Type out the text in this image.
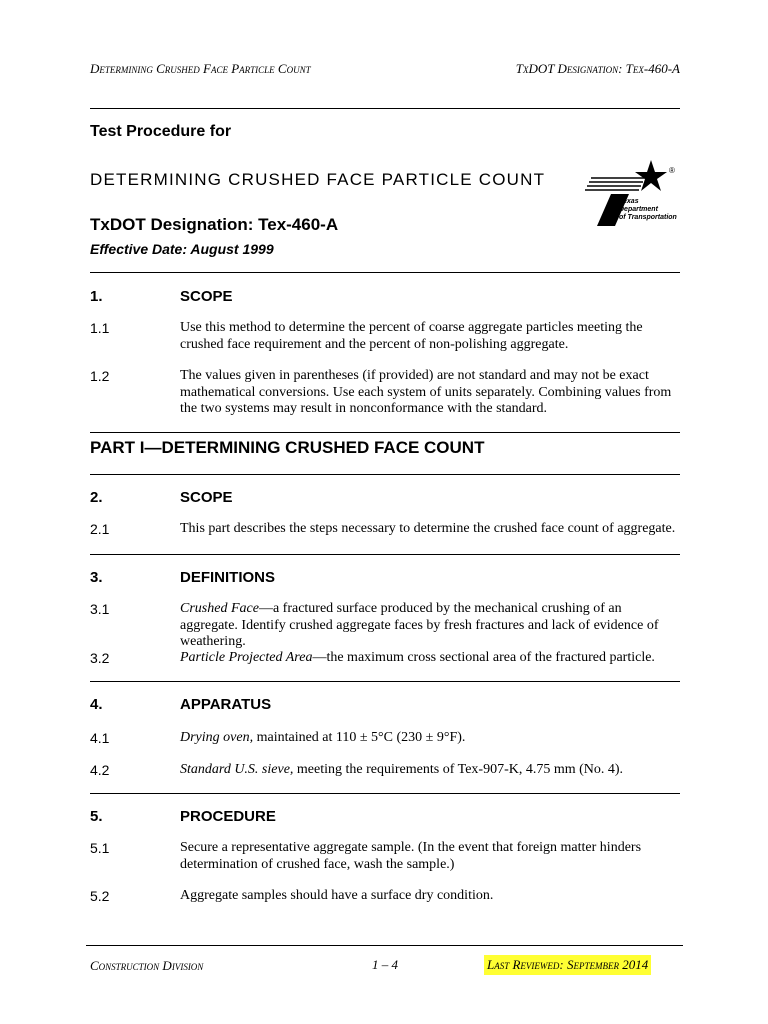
Determining Crushed Face Particle Count	TxDOT Designation: Tex-460-A
Test Procedure for
DETERMINING CRUSHED FACE PARTICLE COUNT
TxDOT Designation: Tex-460-A
Effective Date: August 1999
®
Texas
Department
of Transportation
1.	SCOPE
1.1	Use this method to determine the percent of coarse aggregate particles meeting the crushed face requirement and the percent of non-polishing aggregate.
1.2	The values given in parentheses (if provided) are not standard and may not be exact mathematical conversions. Use each system of units separately. Combining values from the two systems may result in nonconformance with the standard.
PART I—DETERMINING CRUSHED FACE COUNT
2.	SCOPE
2.1	This part describes the steps necessary to determine the crushed face count of aggregate.
3.	DEFINITIONS
3.1	Crushed Face—a fractured surface produced by the mechanical crushing of an aggregate. Identify crushed aggregate faces by fresh fractures and lack of evidence of weathering.
3.2	Particle Projected Area—the maximum cross sectional area of the fractured particle.
4.	APPARATUS
4.1	Drying oven, maintained at 110 ± 5°C (230 ± 9°F).
4.2	Standard U.S. sieve, meeting the requirements of Tex-907-K, 4.75 mm (No. 4).
5.	PROCEDURE
5.1	Secure a representative aggregate sample. (In the event that foreign matter hinders determination of crushed face, wash the sample.)
5.2	Aggregate samples should have a surface dry condition.
Construction Division	1 – 4	Last Reviewed: September 2014
